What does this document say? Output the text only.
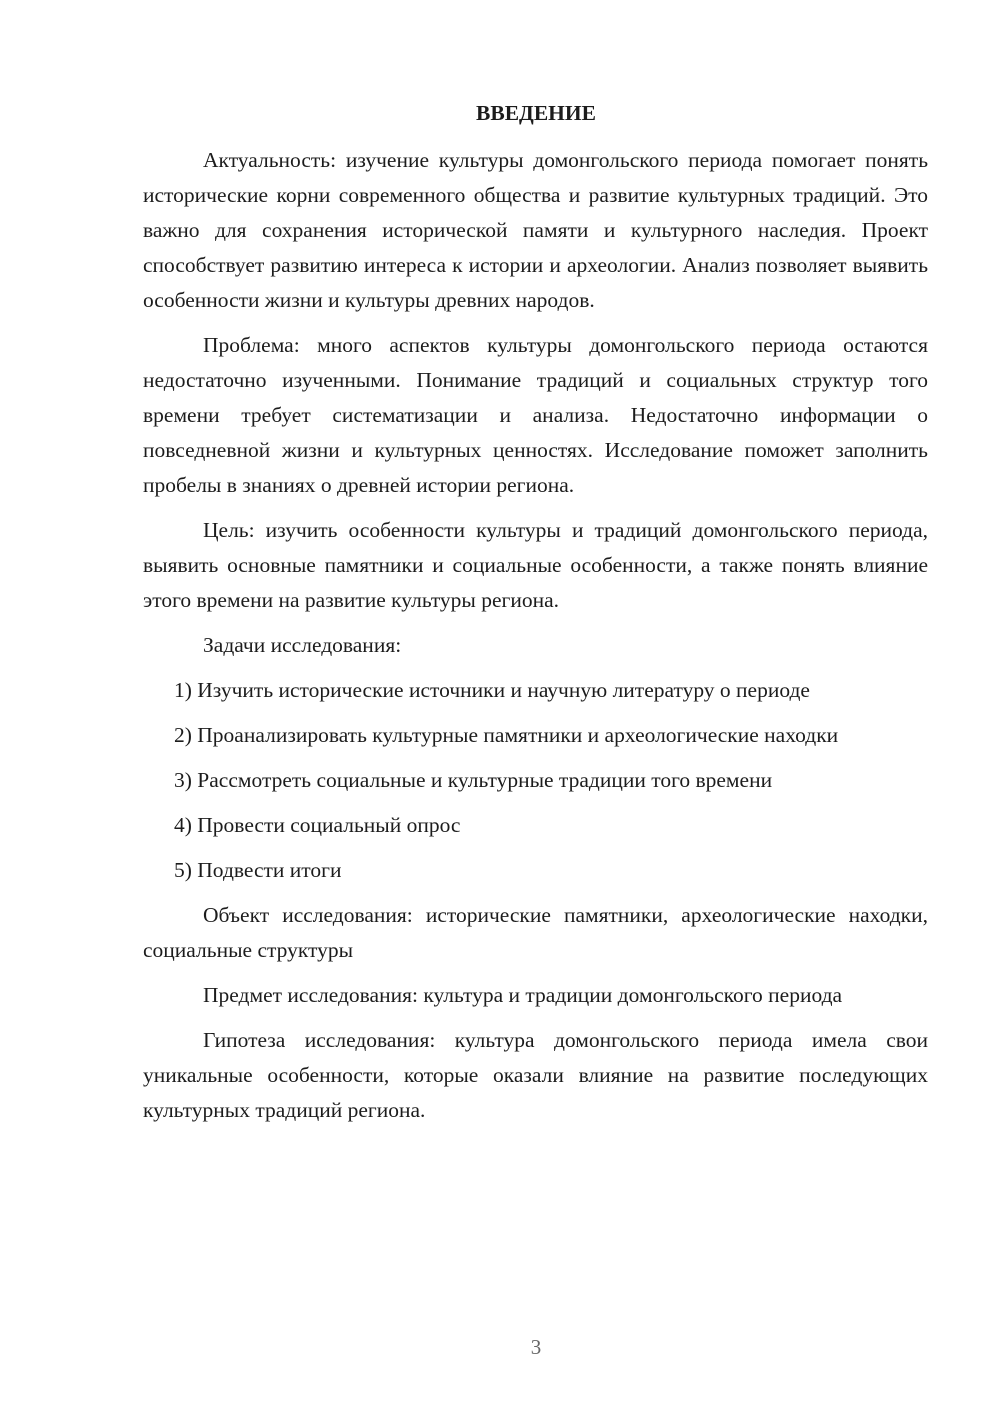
ВВЕДЕНИЕ

Актуальность: изучение культуры домонгольского периода помогает понять исторические корни современного общества и развитие культурных традиций. Это важно для сохранения исторической памяти и культурного наследия. Проект способствует развитию интереса к истории и археологии. Анализ позволяет выявить особенности жизни и культуры древних народов.

Проблема: много аспектов культуры домонгольского периода остаются недостаточно изученными. Понимание традиций и социальных структур того времени требует систематизации и анализа. Недостаточно информации о повседневной жизни и культурных ценностях. Исследование поможет заполнить пробелы в знаниях о древней истории региона.

Цель: изучить особенности культуры и традиций домонгольского периода, выявить основные памятники и социальные особенности, а также понять влияние этого времени на развитие культуры региона.

Задачи исследования:

1) Изучить исторические источники и научную литературу о периоде

2) Проанализировать культурные памятники и археологические находки

3) Рассмотреть социальные и культурные традиции того времени

4) Провести социальный опрос

5) Подвести итоги

Объект исследования: исторические памятники, археологические находки, социальные структуры

Предмет исследования: культура и традиции домонгольского периода

Гипотеза исследования: культура домонгольского периода имела свои уникальные особенности, которые оказали влияние на развитие последующих культурных традиций региона.

3
